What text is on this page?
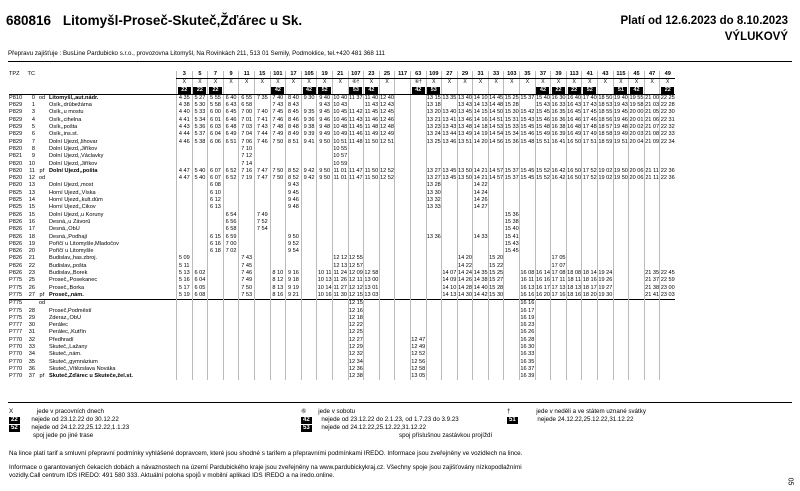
680816 Litomyšl-Proseč-Skuteč,Žďárec u Sk.	Platí od 12.6.2023 do 8.10.2023
VÝLUKOVÝ
Přepravu zajišťuje : BusLine Pardubicko s.r.o., provozovna Litomyšl, Na Rovinkách 211, 513 01 Semily, Podmoklice, tel.+420 481 368 111
TPZ	TČ			3	5	7	9	11	15	101	17	105	19	21	107	23	25	117	63	109	27	29	31	33	103	35	37	39	113	41	43	115	45	47	49
				X	X	X	X	X	X	X	X	X	X	X	⑥†	X	X		⑥†	X	X	X	X	X	X	X	X	X	X	X	X	X	X	X	X
				22	22	22				42		42	52		53	42			42	53							42	22	22	52		51	42		22
P810	0	od	Litomyšl,,aut.nádr.	4 35	5 27	5 55	6 40	6 55	7 35	7 40	8 40	9 30	9 40	10 40	11 37	11 40	12 40			13 15	13 35	13 40	14 10	14 45	15 25	15 37	15 40	16 30	16 40	17 40	18 50	19 40	19 55	21 00	22 25
P829	1		Osík,,drůbežárna	4 38	5 30	5 58	6 43	6 58		7 43	8 43		9 43	10 43		11 43	12 43			13 18		13 43	14 13	14 48	15 28		15 43	16 33	16 43	17 43	18 53	19 43	19 58	21 03	22 28
P829	3		Osík,,u mostu	4 40	5 33	6 00	6 45	7 00	7 40	7 45	8 45	9 35	9 45	10 45	11 42	11 45	12 45			13 20	13 40	13 45	14 15	14 50	15 30	15 42	15 45	16 35	16 45	17 45	18 55	19 45	20 00	21 05	22 30
P829	4		Osík,,cihelna	4 41	5 34	6 01	6 46	7 01	7 41	7 46	8 46	9 36	9 46	10 46	11 43	11 46	12 46			13 21	13 41	13 46	14 16	14 51	15 31	15 43	15 46	16 36	16 46	17 46	18 56	19 46	20 01	21 06	22 31
P829	5		Osík,,pošta	4 43	5 36	6 03	6 48	7 03	7 43	7 48	8 48	9 38	9 48	10 48	11 45	11 48	12 48			13 23	13 43	13 48	14 18	14 53	15 33	15 45	15 48	16 38	16 48	17 48	18 57	19 48	20 02	21 07	22 32
P829	6		Osík,,ins.st.	4 44	5 37	6 04	6 49	7 04	7 44	7 49	8 49	9 39	9 49	10 49	11 46	11 49	12 49			13 24	13 44	13 49	14 19	14 54	15 34	15 46	15 49	16 39	16 49	17 49	18 58	19 49	20 03	21 08	22 33
P829	7		Dolní Újezd,,lihovar	4 46	5 38	6 06	6 51	7 06	7 46	7 50	8 51	9 41	9 50	10 51	11 48	11 50	12 51			13 25	13 46	13 51	14 20	14 56	15 36	15 48	15 51	16 41	16 50	17 51	18 59	19 51	20 04	21 09	22 34
P820	8		Dolní Újezd,,Jiříkov					7 10						10 55																					
P821	9		Dolní Újezd,,Václavky					7 12						10 57																					
P820	10		Dolní Újezd,,Jiříkov					7 14						10 59																					
P820	11	př	Dolní Újezd,,pošta	4 47	5 40	6 07	6 52	7 16	7 47	7 50	8 52	9 42	9 50	11 01	11 47	11 50	12 52			13 27	13 45	13 50	14 21	14 57	15 37	15 45	15 52	16 42	16 50	17 52	19 02	19 50	20 06	21 11	22 36
P820	12	od		4 47	5 40	6 07	6 52	7 19	7 47	7 50	8 52	9 42	9 50	11 01	11 47	11 50	12 52			13 27	13 45	13 50	14 21	14 57	15 37	15 45	15 52	16 42	16 50	17 52	19 02	19 50	20 06	21 11	22 36
P820	13		Dolní Újezd,,most			6 08					9 43									13 28			14 22												
P825	13		Horní Újezd,,Víska			6 10					9 45									13 30			14 24												
P825	14		Horní Újezd,,kult.dům			6 12					9 46									13 32			14 26												
P825	15		Horní Újezd,,Cikov			6 13					9 48									13 33			14 27												
P826	15		Dolní Újezd,,u Koruny				6 54		7 49																15 36										
P826	16		Desná,,u Závorů				6 56		7 52																15 38										
P826	17		Desná,,ObÚ				6 58		7 54																15 40										
P826	18		Desná,,Podhají			6 15	6 59				9 50									13 36			14 33		15 41										
P826	19		Poříčí u Litomyšle,Mladočov			6 16	7 00				9 52														15 43										
P826	20		Poříčí u Litomyšle			6 18	7 02				9 54														15 45										
P826	21		Budislav,,has.zbroj.	5 09				7 43						12 12	12 55							14 20		15 20				17 05							
P826	22		Budislav,,pošta	5 11				7 45						12 13	12 57							14 22		15 22				17 07							
P826	23		Budislav,,Borek	5 13	6 02			7 46		8 10	9 16		10 11	11 24	12 09	12 58					14 07	14 24	14 35	15 25		16 08	16 14	17 08	18 08	18 14	19 24			21 35	22 45
P775	25		Proseč,,Posekanec	5 16	6 04			7 49		8 12	9 18		10 13	11 26	12 11	13 00					14 09	14 26	14 38	15 27		16 11	16 16	17 11	18 11	18 16	19 26			21 37	22 59
P775	26		Proseč,,Borka	5 17	6 05			7 50		8 13	9 19		10 14	11 27	12 12	13 01					14 10	14 28	14 40	15 28		16 13	16 17	17 13	18 13	18 17	19 27			21 38	23 00
P775	27	př	Proseč,,nám.	5 19	6 08			7 53		8 16	9 21		10 16	11 30	12 15	13 03					14 13	14 30	14 42	15 30		16 16	16 20	17 16	18 16	18 20	19 30			21 41	23 03
P775		od													12 15											16 16									
P775	28		Proseč,Podměstí												12 16											16 17									
P775	29		Zderaz,,ObÚ												12 18											16 19									
P777	30		Perálec												12 22											16 23									
P777	31		Perálec,,Kutřín												12 25											16 26									
P770	32		Předhradí												12 27				12 47							16 28									
P770	33		Skuteč,,Lažany												12 29				12 49							16 30									
P770	34		Skuteč,,nám.												12 32				12 52							16 33									
P770	35		Skuteč,,gymnázium												12 34				12 56							16 35									
P770	36		Skuteč,,Vítězslava Nováka												12 36				12 58							16 37									
P770	37	př	Skuteč,Žďárec u Skuteče,žel.st.												12 38				13 05							16 39									
X	jede v pracovních dnech
22 nejede od 23.12.22 do 30.12.22
52 nejede od 24.12.22,25.12.22,1.1.23
spoj jede po jiné trase
⑥ jede v sobotu
42 nejede od 23.12.22 do 2.1.23, od 1.7.23 do 3.9.23
53 nejede od 24.12.22,25.12.22,31.12.22
spoj příslušnou zastávkou projíždí
†	jede v neděli a ve státem uznané svátky
51	nejede 24.12.22,25.12.22,31.12.22
Na lince platí tarif a smluvní přepravní podmínky vyhlášené dopravcem, které jsou shodné s tarifem a přepravními podmínkami IREDO. Informace jsou zveřejněny ve vozidlech na lince.
Informace o garantovaných čekacích dobách a návaznostech na území Pardubického kraje jsou zveřejněny na www.pardubickykraj.cz. Všechny spoje jsou zajišťovány nízkopodlažními
vozidly.Call centrum IDS IREDO: 491 580 333. Aktuální poloha spojů v mobilní aplikaci IDS IREDO a na iredo.online.
05
